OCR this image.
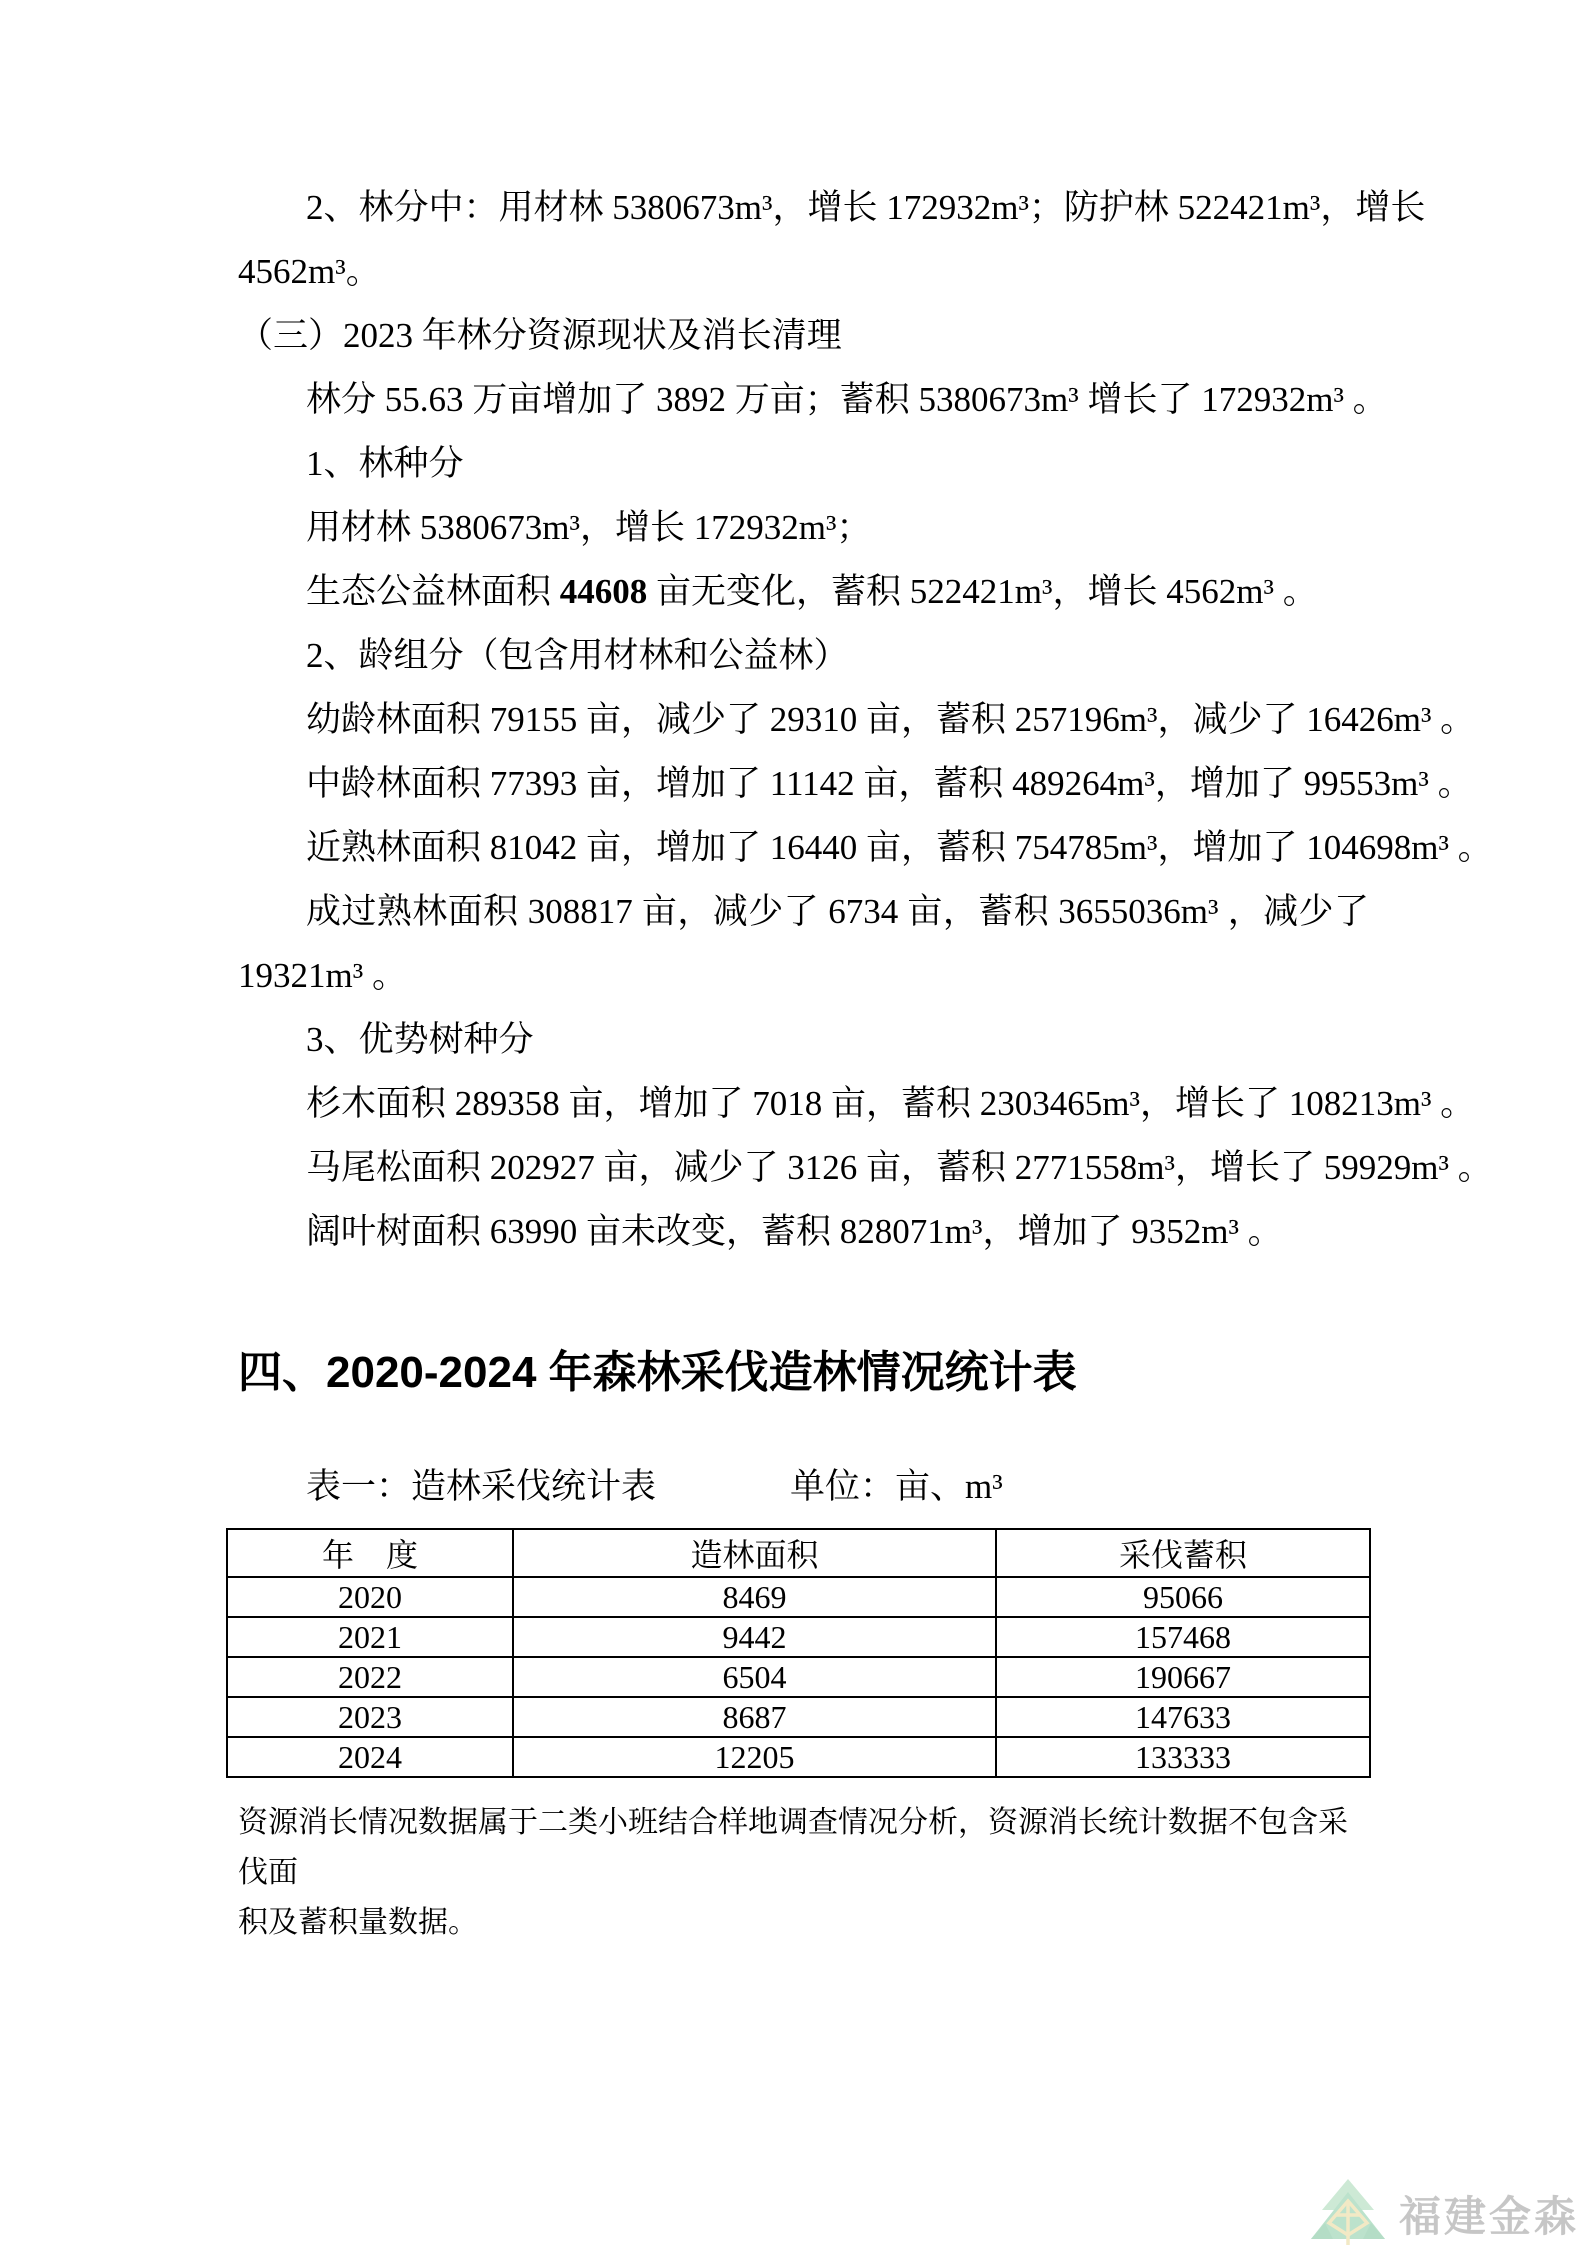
2、林分中：用材林 5380673m³，增长 172932m³；防护林 522421m³，增长

4562m³。

（三）2023 年林分资源现状及消长清理

林分 55.63 万亩增加了 3892 万亩；蓄积 5380673m³ 增长了 172932m³ 。

1、林种分

用材林 5380673m³，增长 172932m³；

生态公益林面积 44608 亩无变化，蓄积 522421m³，增长 4562m³ 。

2、龄组分（包含用材林和公益林）

幼龄林面积 79155 亩，减少了 29310 亩，蓄积 257196m³，减少了 16426m³ 。

中龄林面积 77393 亩，增加了 11142 亩，蓄积 489264m³，增加了 99553m³ 。

近熟林面积 81042 亩，增加了 16440 亩，蓄积 754785m³，增加了 104698m³ 。

成过熟林面积 308817 亩，减少了 6734 亩，蓄积 3655036m³ ，减少了

19321m³ 。

3、优势树种分

杉木面积 289358 亩，增加了 7018 亩，蓄积 2303465m³，增长了 108213m³ 。

马尾松面积 202927 亩，减少了 3126 亩，蓄积 2771558m³，增长了 59929m³ 。

阔叶树面积 63990 亩未改变，蓄积 828071m³，增加了 9352m³ 。

四、2020-2024 年森林采伐造林情况统计表
表一：造林采伐统计表	单位：亩、m³
年　度	造林面积	采伐蓄积
2020	8469	95066
2021	9442	157468
2022	6504	190667
2023	8687	147633
2024	12205	133333

资源消长情况数据属于二类小班结合样地调查情况分析，资源消长统计数据不包含采伐面

积及蓄积量数据。

福建金森
